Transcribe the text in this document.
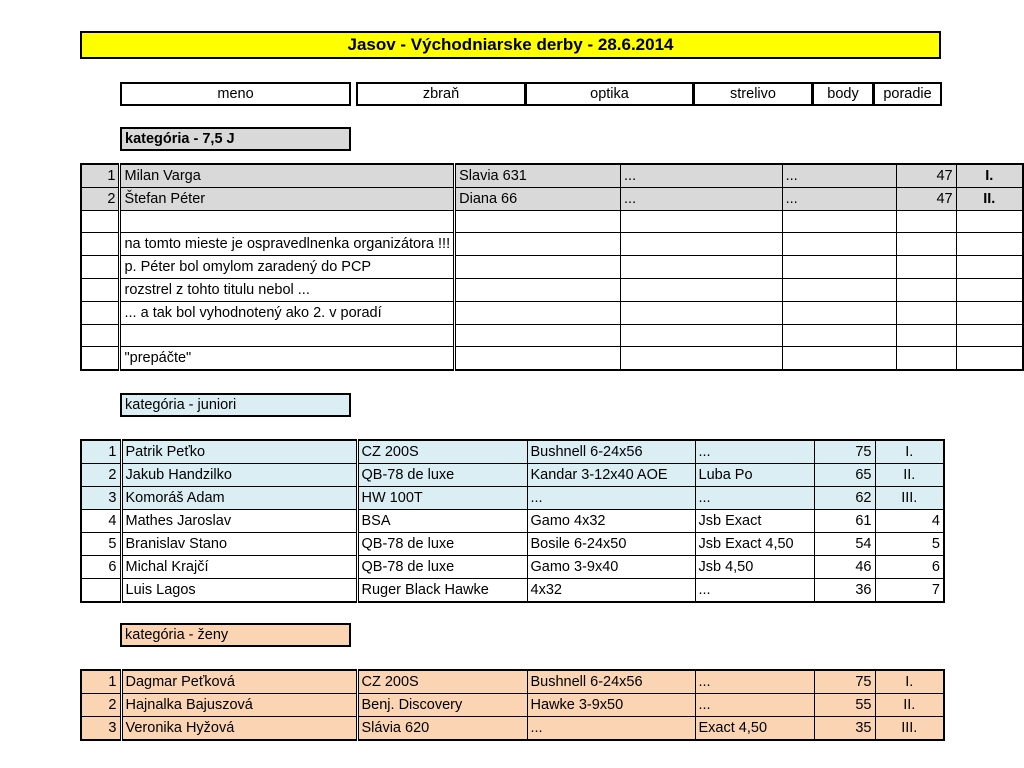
Jasov - Východniarske derby - 28.6.2014
meno	zbraň	optika	strelivo	body	poradie
kategória - 7,5 J
1	Milan Varga	Slavia 631	...	...	47	I.
2	Štefan Péter	Diana 66	...	...	47	II.

	na tomto mieste je ospravedlnenka organizátora !!!					
	p. Péter bol omylom zaradený do PCP					
	rozstrel z tohto titulu nebol ...					
	... a tak bol vyhodnotený ako 2. v poradí					

	"prepáčte"					
kategória - juniori
1	Patrik Peťko	CZ 200S	Bushnell 6-24x56	...	75	I.
2	Jakub Handzilko	QB-78 de luxe	Kandar 3-12x40 AOE	Luba Po	65	II.
3	Komoráš Adam	HW 100T	...	...	62	III.
4	Mathes Jaroslav	BSA	Gamo 4x32	Jsb Exact	61	4
5	Branislav Stano	QB-78 de luxe	Bosile 6-24x50	Jsb Exact 4,50	54	5
6	Michal Krajčí	QB-78 de luxe	Gamo 3-9x40	Jsb 4,50	46	6
	Luis Lagos	Ruger Black Hawke	4x32	...	36	7
kategória - ženy
1	Dagmar Peťková	CZ 200S	Bushnell 6-24x56	...	75	I.
2	Hajnalka Bajuszová	Benj. Discovery	Hawke 3-9x50	...	55	II.
3	Veronika Hyžová	Slávia 620	...	Exact 4,50	35	III.
